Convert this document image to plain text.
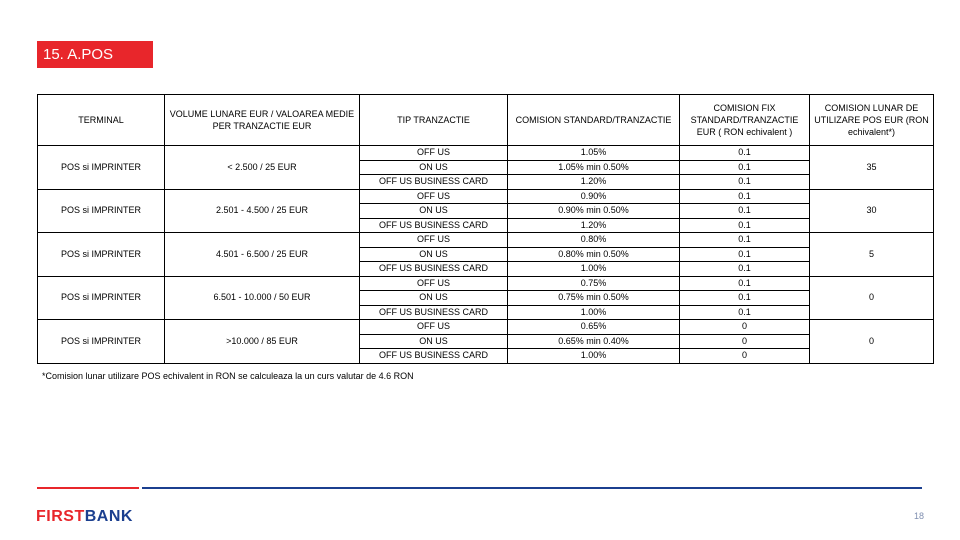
15. A.POS
TERMINAL	VOLUME LUNARE EUR / VALOAREA MEDIE PER TRANZACTIE EUR	TIP TRANZACTIE	COMISION STANDARD/TRANZACTIE	COMISION FIX STANDARD/TRANZACTIE EUR ( RON echivalent )	COMISION LUNAR DE UTILIZARE POS EUR (RON echivalent*)
POS si IMPRINTER	< 2.500 / 25 EUR	OFF US	1.05%	0.1	35
		ON US	1.05% min 0.50%	0.1	
		OFF US BUSINESS CARD	1.20%	0.1	
POS si IMPRINTER	2.501 - 4.500 / 25 EUR	OFF US	0.90%	0.1	30
		ON US	0.90% min 0.50%	0.1	
		OFF US BUSINESS CARD	1.20%	0.1	
POS si IMPRINTER	4.501 - 6.500 / 25 EUR	OFF US	0.80%	0.1	5
		ON US	0.80% min 0.50%	0.1	
		OFF US BUSINESS CARD	1.00%	0.1	
POS si IMPRINTER	6.501 - 10.000 / 50 EUR	OFF US	0.75%	0.1	0
		ON US	0.75% min 0.50%	0.1	
		OFF US BUSINESS CARD	1.00%	0.1	
POS si IMPRINTER	>10.000 / 85 EUR	OFF US	0.65%	0	0
		ON US	0.65% min 0.40%	0	
		OFF US BUSINESS CARD	1.00%	0	
*Comision lunar utilizare POS echivalent in RON se calculeaza la un curs valutar de 4.6 RON
FIRSTBANK	18
